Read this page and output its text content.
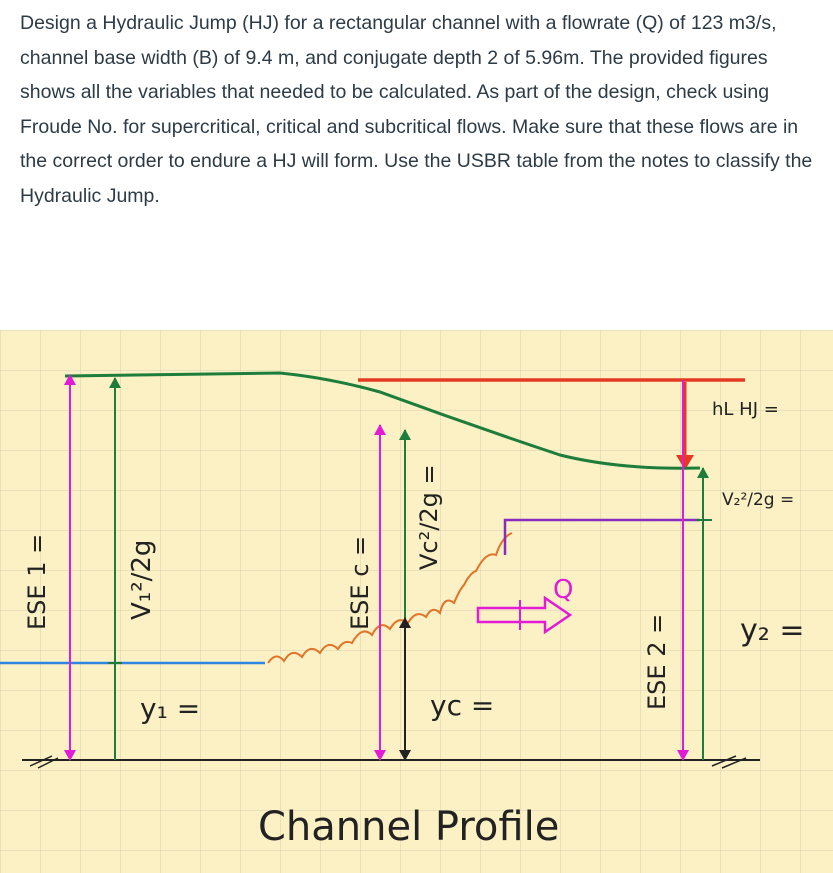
Design a Hydraulic Jump (HJ) for a rectangular channel with a flowrate (Q) of 123 m3/s, channel base width (B) of 9.4 m, and conjugate depth 2 of 5.96m. The provided figures shows all the variables that needed to be calculated. As part of the design, check using Froude No. for supercritical, critical and subcritical flows. Make sure that these flows are in the correct order to endure a HJ will form. Use the USBR table from the notes to classify the Hydraulic Jump.

ESE 1 =	V₁²/2g
y₁ =
ESE c =
Vc²/2g =
yc =
Q
ESE 2 =
hL HJ =
V₂²/2g =
y₂ =
Channel Profile
